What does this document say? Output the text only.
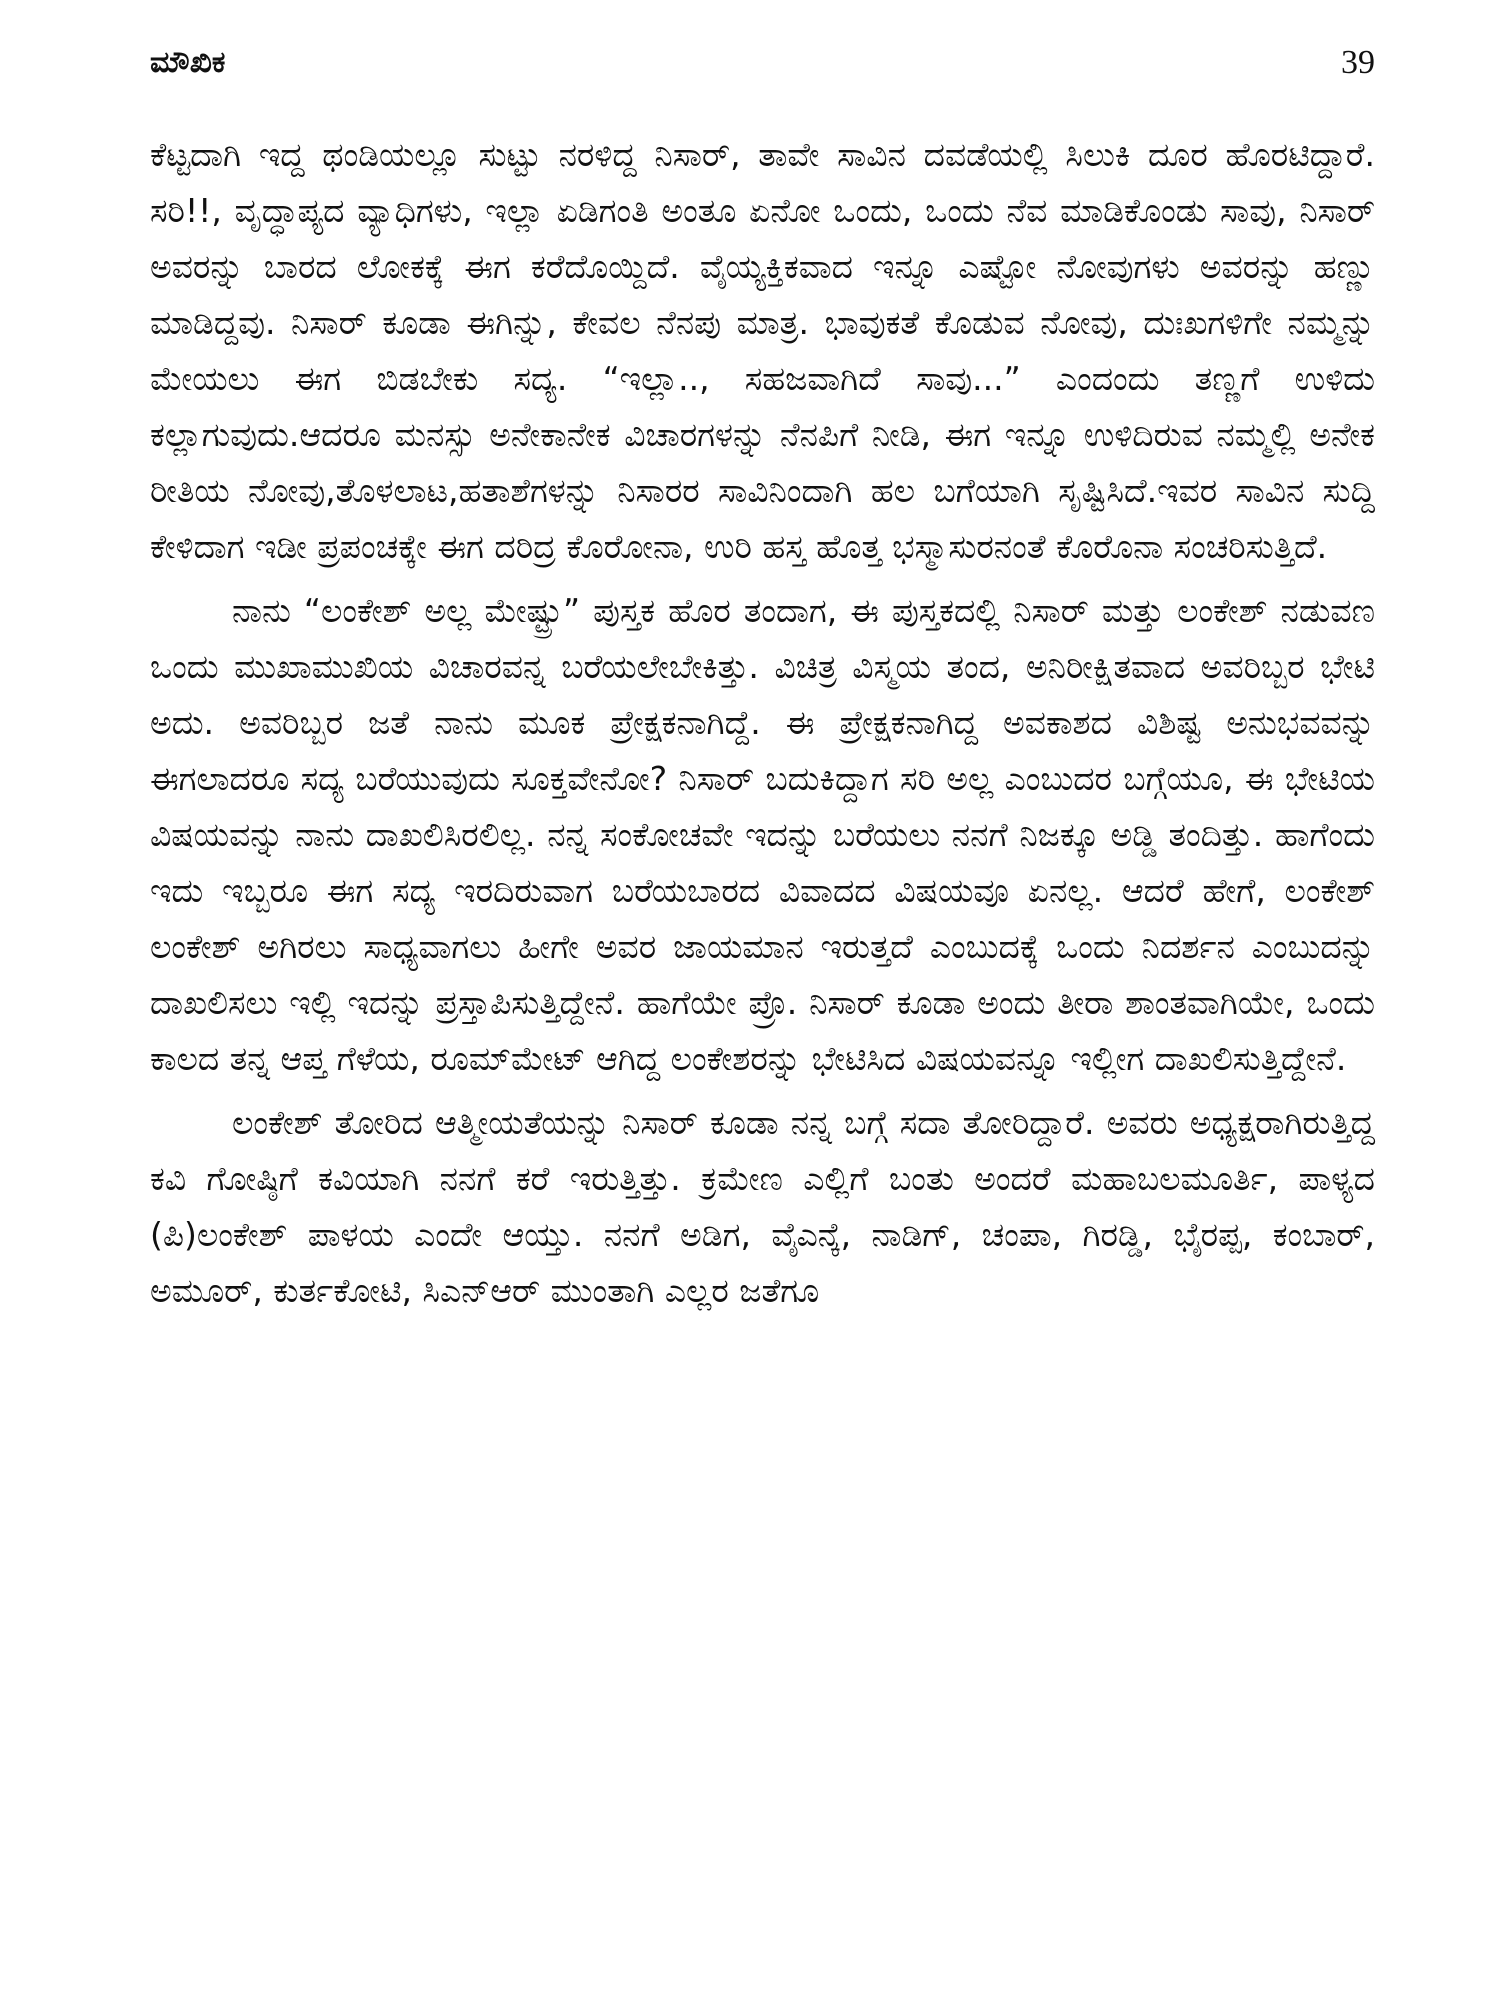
ಮೌಖಿಕ	39

ಕೆಟ್ಟದಾಗಿ ಇದ್ದ ಥಂಡಿಯಲ್ಲೂ ಸುಟ್ಟು ನರಳಿದ್ದ ನಿಸಾರ್, ತಾವೇ ಸಾವಿನ ದವಡೆಯಲ್ಲಿ ಸಿಲುಕಿ ದೂರ ಹೊರಟಿದ್ದಾರೆ. ಸರಿ!!, ವೃದ್ಧಾಪ್ಯದ ವ್ಯಾಧಿಗಳು, ಇಲ್ಲಾ ಏಡಿಗಂತಿ ಅಂತೂ ಏನೋ ಒಂದು, ಒಂದು ನೆವ ಮಾಡಿಕೊಂಡು ಸಾವು, ನಿಸಾರ್ ಅವರನ್ನು ಬಾರದ ಲೋಕಕ್ಕೆ ಈಗ ಕರೆದೊಯ್ದಿದೆ. ವೈಯ್ಯಕ್ತಿಕವಾದ ಇನ್ನೂ ಎಷ್ಟೋ ನೋವುಗಳು ಅವರನ್ನು ಹಣ್ಣು ಮಾಡಿದ್ದವು. ನಿಸಾರ್ ಕೂಡಾ ಈಗಿನ್ನು, ಕೇವಲ ನೆನಪು ಮಾತ್ರ. ಭಾವುಕತೆ ಕೊಡುವ ನೋವು, ದುಃಖಗಳಿಗೇ ನಮ್ಮನ್ನು ಮೇಯಲು ಈಗ ಬಿಡಬೇಕು ಸದ್ಯ. “ಇಲ್ಲಾ.., ಸಹಜವಾಗಿದೆ ಸಾವು...” ಎಂದಂದು ತಣ್ಣಗೆ ಉಳಿದು ಕಲ್ಲಾಗುವುದು.ಆದರೂ ಮನಸ್ಸು ಅನೇಕಾನೇಕ ವಿಚಾರಗಳನ್ನು ನೆನಪಿಗೆ ನೀಡಿ, ಈಗ ಇನ್ನೂ ಉಳಿದಿರುವ ನಮ್ಮಲ್ಲಿ ಅನೇಕ ರೀತಿಯ ನೋವು,ತೊಳಲಾಟ,ಹತಾಶೆಗಳನ್ನು ನಿಸಾರರ ಸಾವಿನಿಂದಾಗಿ ಹಲ ಬಗೆಯಾಗಿ ಸೃಷ್ಟಿಸಿದೆ.ಇವರ ಸಾವಿನ ಸುದ್ದಿ ಕೇಳಿದಾಗ ಇಡೀ ಪ್ರಪಂಚಕ್ಕೇ ಈಗ ದರಿದ್ರ ಕೊರೋನಾ, ಉರಿ ಹಸ್ತ ಹೊತ್ತ ಭಸ್ಮಾಸುರನಂತೆ ಕೊರೊನಾ ಸಂಚರಿಸುತ್ತಿದೆ.

ನಾನು “ಲಂಕೇಶ್ ಅಲ್ಲ ಮೇಷ್ಟ್ರು” ಪುಸ್ತಕ ಹೊರ ತಂದಾಗ, ಈ ಪುಸ್ತಕದಲ್ಲಿ ನಿಸಾರ್ ಮತ್ತು ಲಂಕೇಶ್ ನಡುವಣ ಒಂದು ಮುಖಾಮುಖಿಯ ವಿಚಾರವನ್ನ ಬರೆಯಲೇಬೇಕಿತ್ತು. ವಿಚಿತ್ರ ವಿಸ್ಮಯ ತಂದ, ಅನಿರೀಕ್ಷಿತವಾದ ಅವರಿಬ್ಬರ ಭೇಟಿ ಅದು. ಅವರಿಬ್ಬರ ಜತೆ ನಾನು ಮೂಕ ಪ್ರೇಕ್ಷಕನಾಗಿದ್ದೆ. ಈ ಪ್ರೇಕ್ಷಕನಾಗಿದ್ದ ಅವಕಾಶದ ವಿಶಿಷ್ಟ ಅನುಭವವನ್ನು ಈಗಲಾದರೂ ಸದ್ಯ ಬರೆಯುವುದು ಸೂಕ್ತವೇನೋ? ನಿಸಾರ್ ಬದುಕಿದ್ದಾಗ ಸರಿ ಅಲ್ಲ ಎಂಬುದರ ಬಗ್ಗೆಯೂ, ಈ ಭೇಟಿಯ ವಿಷಯವನ್ನು ನಾನು ದಾಖಲಿಸಿರಲಿಲ್ಲ. ನನ್ನ ಸಂಕೋಚವೇ ಇದನ್ನು ಬರೆಯಲು ನನಗೆ ನಿಜಕ್ಕೂ ಅಡ್ಡಿ ತಂದಿತ್ತು. ಹಾಗೆಂದು ಇದು ಇಬ್ಬರೂ ಈಗ ಸದ್ಯ ಇರದಿರುವಾಗ ಬರೆಯಬಾರದ ವಿವಾದದ ವಿಷಯವೂ ಏನಲ್ಲ. ಆದರೆ ಹೇಗೆ, ಲಂಕೇಶ್ ಲಂಕೇಶ್ ಅಗಿರಲು ಸಾಧ್ಯವಾಗಲು ಹೀಗೇ ಅವರ ಜಾಯಮಾನ ಇರುತ್ತದೆ ಎಂಬುದಕ್ಕೆ ಒಂದು ನಿದರ್ಶನ ಎಂಬುದನ್ನು ದಾಖಲಿಸಲು ಇಲ್ಲಿ ಇದನ್ನು ಪ್ರಸ್ತಾಪಿಸುತ್ತಿದ್ದೇನೆ. ಹಾಗೆಯೇ ಪ್ರೊ. ನಿಸಾರ್ ಕೂಡಾ ಅಂದು ತೀರಾ ಶಾಂತವಾಗಿಯೇ, ಒಂದು ಕಾಲದ ತನ್ನ ಆಪ್ತ ಗೆಳೆಯ, ರೂಮ್‌ಮೇಟ್ ಆಗಿದ್ದ ಲಂಕೇಶರನ್ನು ಭೇಟಿಸಿದ ವಿಷಯವನ್ನೂ ಇಲ್ಲೀಗ ದಾಖಲಿಸುತ್ತಿದ್ದೇನೆ.

ಲಂಕೇಶ್ ತೋರಿದ ಆತ್ಮೀಯತೆಯನ್ನು ನಿಸಾರ್ ಕೂಡಾ ನನ್ನ ಬಗ್ಗೆ ಸದಾ ತೋರಿದ್ದಾರೆ. ಅವರು ಅಧ್ಯಕ್ಷರಾಗಿರುತ್ತಿದ್ದ ಕವಿ ಗೋಷ್ಠಿಗೆ ಕವಿಯಾಗಿ ನನಗೆ ಕರೆ ಇರುತ್ತಿತ್ತು. ಕ್ರಮೇಣ ಎಲ್ಲಿಗೆ ಬಂತು ಅಂದರೆ ಮಹಾಬಲಮೂರ್ತಿ, ಪಾಳ್ಯದ (ಪಿ)ಲಂಕೇಶ್ ಪಾಳಯ ಎಂದೇ ಆಯ್ತು. ನನಗೆ ಅಡಿಗ, ವೈಎನ್ಕೆ, ನಾಡಿಗ್, ಚಂಪಾ, ಗಿರಡ್ಡಿ, ಭೈರಪ್ಪ, ಕಂಬಾರ್, ಅಮೂರ್, ಕುರ್ತಕೋಟಿ, ಸಿಎನ್ಆರ್ ಮುಂತಾಗಿ ಎಲ್ಲರ ಜತೆಗೂ
